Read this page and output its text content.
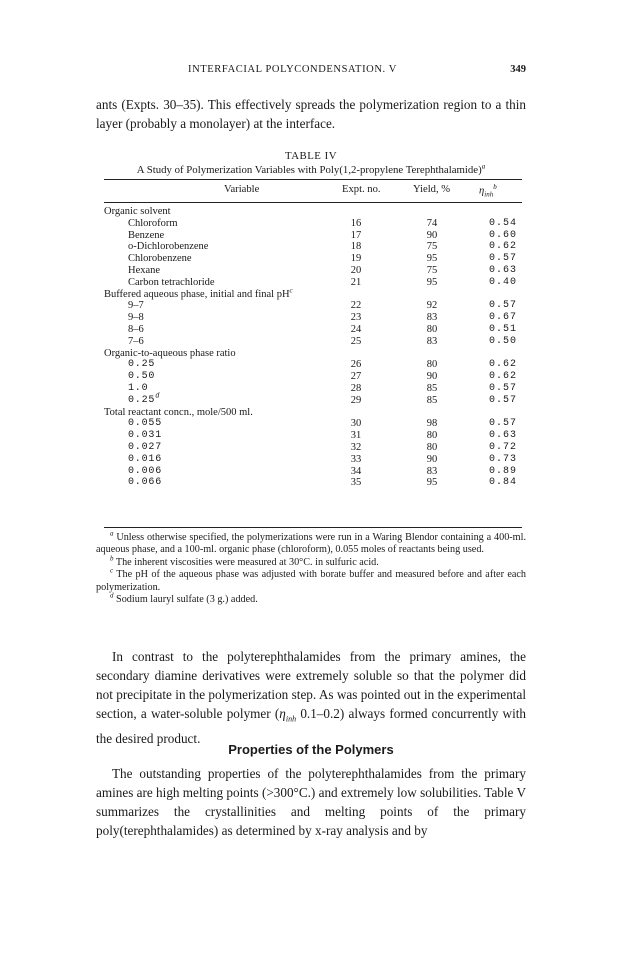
INTERFACIAL POLYCONDENSATION. V	349

ants (Expts. 30–35). This effectively spreads the polymerization region to a thin layer (probably a monolayer) at the interface.

TABLE IV
A Study of Polymerization Variables with Poly(1,2-propylene Terephthalamide)$^a$
Variable	Expt. no.	Yield, %	$\eta_{inh}^b$
Organic solvent
Chloroform	16	74	0.54
Benzene	17	90	0.60
o-Dichlorobenzene	18	75	0.62
Chlorobenzene	19	95	0.57
Hexane	20	75	0.63
Carbon tetrachloride	21	95	0.40
Buffered aqueous phase, initial and final pH$^c$
9–7	22	92	0.57
9–8	23	83	0.67
8–6	24	80	0.51
7–6	25	83	0.50
Organic-to-aqueous phase ratio
0.25	26	80	0.62
0.50	27	90	0.62
1.0	28	85	0.57
0.25$^d$	29	85	0.57
Total reactant concn., mole/500 ml.
0.055	30	98	0.57
0.031	31	80	0.63
0.027	32	80	0.72
0.016	33	90	0.73
0.006	34	83	0.89
0.066	35	95	0.84

$^a$ Unless otherwise specified, the polymerizations were run in a Waring Blendor containing a 400-ml. aqueous phase, and a 100-ml. organic phase (chloroform), 0.055 moles of reactants being used.

$^b$ The inherent viscosities were measured at 30°C. in sulfuric acid.

$^c$ The pH of the aqueous phase was adjusted with borate buffer and measured before and after each polymerization.

$^d$ Sodium lauryl sulfate (3 g.) added.

In contrast to the polyterephthalamides from the primary amines, the secondary diamine derivatives were extremely soluble so that the polymer did not precipitate in the polymerization step. As was pointed out in the experimental section, a water-soluble polymer ($\eta_{inh}$ 0.1–0.2) always formed concurrently with the desired product.

Properties of the Polymers

The outstanding properties of the polyterephthalamides from the primary amines are high melting points (>300°C.) and extremely low solubilities. Table V summarizes the crystallinities and melting points of the primary poly(terephthalamides) as determined by x-ray analysis and by
